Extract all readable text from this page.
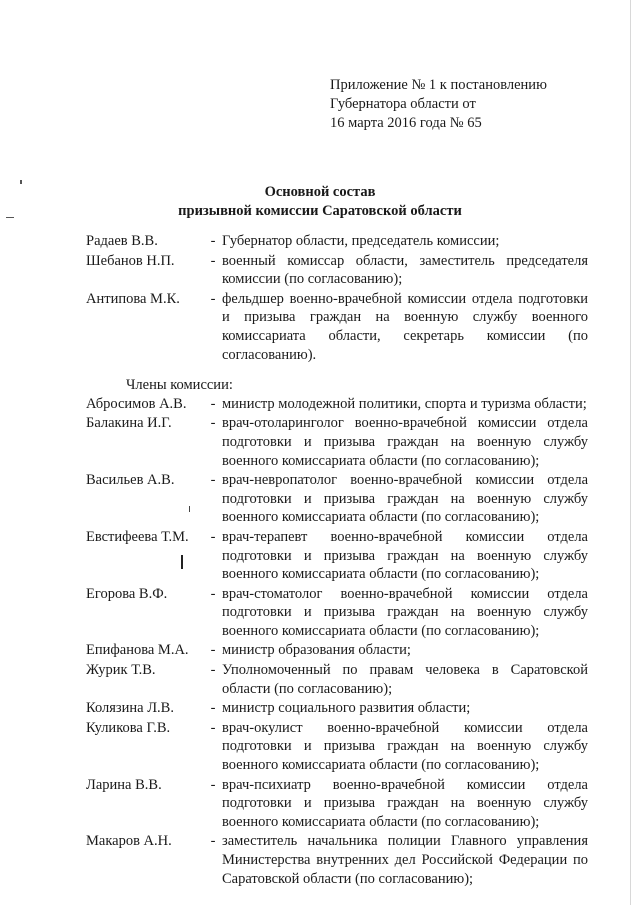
Приложение № 1 к постановлению
Губернатора области от
16 марта 2016 года № 65
Основной состав
призывной комиссии Саратовской области
Радаев В.В.	- Губернатор области, председатель комиссии;
Шебанов Н.П.	- военный комиссар области, заместитель председателя комиссии (по согласованию);
Антипова М.К.	- фельдшер военно-врачебной комиссии отдела подготовки и призыва граждан на военную службу военного комиссариата области, секретарь комиссии (по согласованию).
Члены комиссии:
Абросимов А.В.	- министр молодежной политики, спорта и туризма области;
Балакина И.Г.	- врач-отоларинголог военно-врачебной комиссии отдела подготовки и призыва граждан на военную службу военного комиссариата области (по согласованию);
Васильев А.В.	- врач-невропатолог военно-врачебной комиссии отдела подготовки и призыва граждан на военную службу военного комиссариата области (по согласованию);
Евстифеева Т.М.	- врач-терапевт военно-врачебной комиссии отдела подготовки и призыва граждан на военную службу военного комиссариата области (по согласованию);
Егорова В.Ф.	- врач-стоматолог военно-врачебной комиссии отдела подготовки и призыва граждан на военную службу военного комиссариата области (по согласованию);
Епифанова М.А.	- министр образования области;
Журик Т.В.	- Уполномоченный по правам человека в Саратовской области (по согласованию);
Колязина Л.В.	- министр социального развития области;
Куликова Г.В.	- врач-окулист военно-врачебной комиссии отдела подготовки и призыва граждан на военную службу военного комиссариата области (по согласованию);
Ларина В.В.	- врач-психиатр военно-врачебной комиссии отдела подготовки и призыва граждан на военную службу военного комиссариата области (по согласованию);
Макаров А.Н.	- заместитель начальника полиции Главного управления Министерства внутренних дел Российской Федерации по Саратовской области (по согласованию);
